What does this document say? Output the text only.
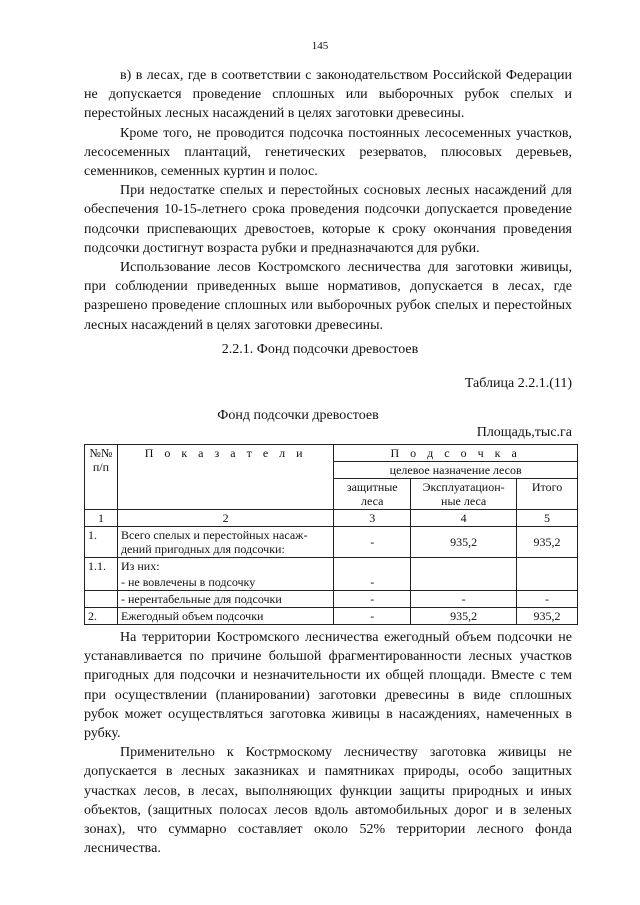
145

в) в лесах, где в соответствии с законодательством Российской Федерации не допускается проведение сплошных или выборочных рубок спелых и перестойных лесных насаждений в целях заготовки древесины.

Кроме того, не проводится подсочка постоянных лесосеменных участков, лесосеменных плантаций, генетических резерватов, плюсовых деревьев, семенников, семенных куртин и полос.

При недостатке спелых и перестойных сосновых лесных насаждений для обеспечения 10-15-летнего срока проведения подсочки допускается проведение подсочки приспевающих древостоев, которые к сроку окончания проведения подсочки достигнут возраста рубки и предназначаются для рубки.

Использование лесов Костромского лесничества для заготовки живицы, при соблюдении приведенных выше нормативов, допускается в лесах, где разрешено проведение сплошных или выборочных рубок спелых и перестойных лесных насаждений в целях заготовки древесины.

2.2.1. Фонд подсочки древостоев
Таблица 2.2.1.(11)
Фонд подсочки древостоев
Площадь,тыс.га
№№ п/п	П о к а з а т е л и	П о д с о ч к а		
		целевое назначение лесов		
		защитные леса	Эксплуатацион-ные леса	Итого
1	2	3	4	5
1.	Всего спелых и перестойных насаж-дений пригодных для подсочки:	-	935,2	935,2
1.1.	Из них:			
	- не вовлечены в подсочку	-		
	- нерентабельные для подсочки	-	-	-
2.	Ежегодный объем подсочки	-	935,2	935,2

На территории Костромского лесничества ежегодный объем подсочки не устанавливается по причине большой фрагментированности лесных участков пригодных для подсочки и незначительности их общей площади. Вместе с тем при осуществлении (планировании) заготовки древесины в виде сплошных рубок может осуществляться заготовка живицы в насаждениях, намеченных в рубку.

Применительно к Кострмоскому лесничеству заготовка живицы не допускается в лесных заказниках и памятниках природы, особо защитных участках лесов, в лесах, выполняющих функции защиты природных и иных объектов, (защитных полосах лесов вдоль автомобильных дорог и в зеленых зонах), что суммарно составляет около 52% территории лесного фонда лесничества.
